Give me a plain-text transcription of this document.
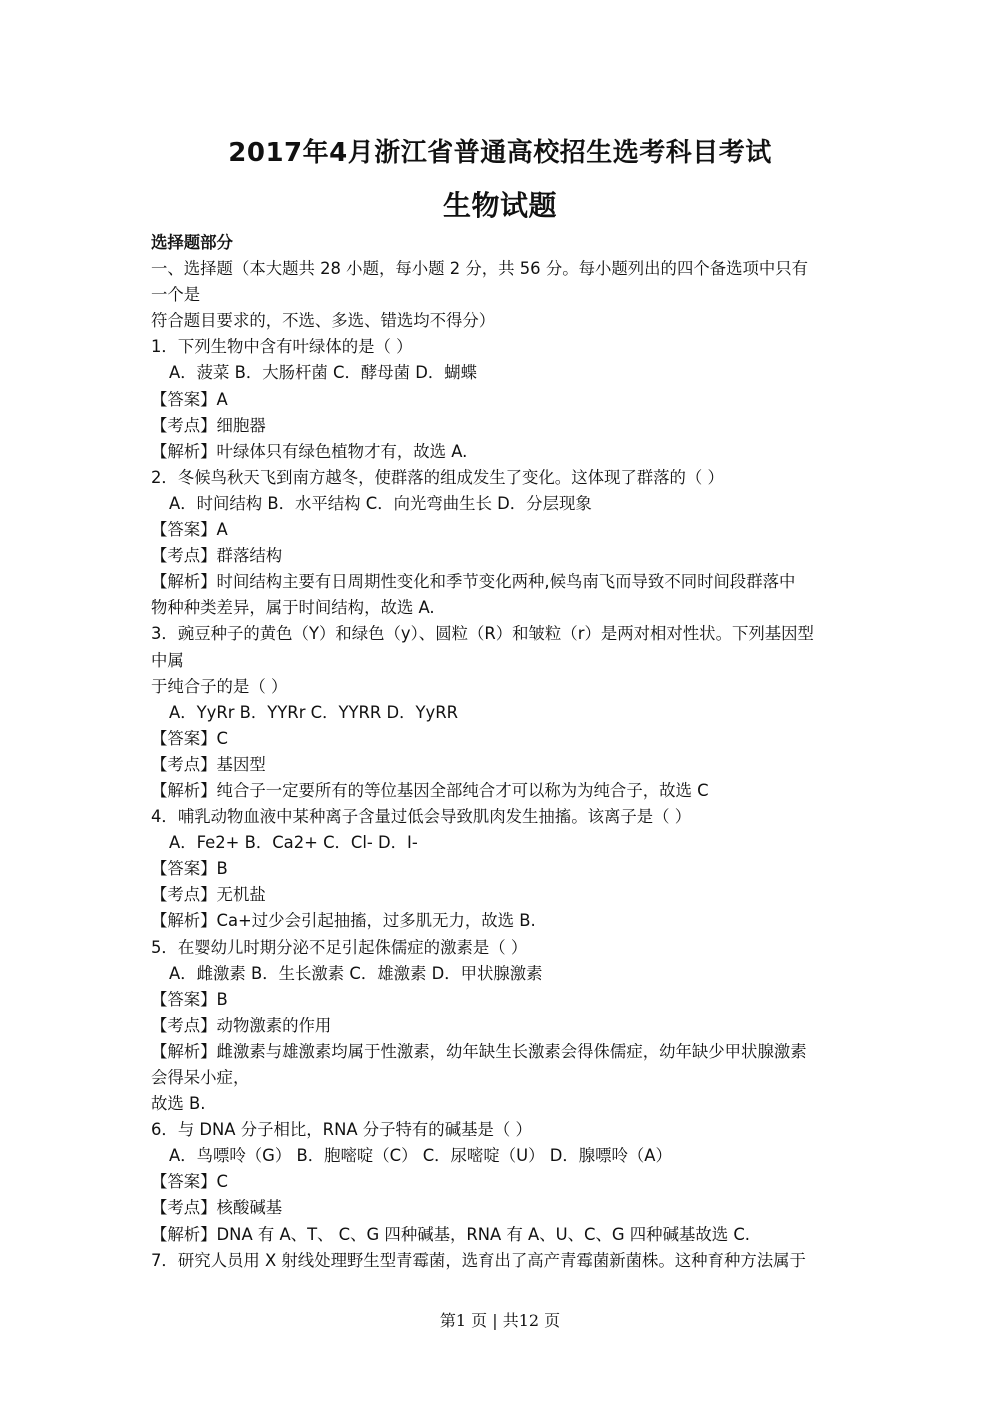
2017年4月浙江省普通高校招生选考科目考试
生物试题
选择题部分
一、选择题（本大题共 28 小题，每小题 2 分，共 56 分。每小题列出的四个备选项中只有
一个是
符合题目要求的，不选、多选、错选均不得分）
1．下列生物中含有叶绿体的是（ ）
A．菠菜 B．大肠杆菌 C．酵母菌 D．蝴蝶
【答案】A
【考点】细胞器
【解析】叶绿体只有绿色植物才有，故选 A.
2．冬候鸟秋天飞到南方越冬，使群落的组成发生了变化。这体现了群落的（ ）
A．时间结构 B．水平结构 C．向光弯曲生长 D．分层现象
【答案】A
【考点】群落结构
【解析】时间结构主要有日周期性变化和季节变化两种,候鸟南飞而导致不同时间段群落中
物种种类差异，属于时间结构，故选 A.
3．豌豆种子的黄色（Y）和绿色（y）、圆粒（R）和皱粒（r）是两对相对性状。下列基因型
中属
于纯合子的是（ ）
A．YyRr B．YYRr C．YYRR D．YyRR
【答案】C
【考点】基因型
【解析】纯合子一定要所有的等位基因全部纯合才可以称为为纯合子，故选 C
4．哺乳动物血液中某种离子含量过低会导致肌肉发生抽搐。该离子是（ ）
A．Fe2+ B．Ca2+ C．Cl- D．I-
【答案】B
【考点】无机盐
【解析】Ca+过少会引起抽搐，过多肌无力，故选 B.
5．在婴幼儿时期分泌不足引起侏儒症的激素是（ ）
A．雌激素 B．生长激素 C．雄激素 D．甲状腺激素
【答案】B
【考点】动物激素的作用
【解析】雌激素与雄激素均属于性激素，幼年缺生长激素会得侏儒症，幼年缺少甲状腺激素
会得呆小症，
故选 B.
6．与 DNA 分子相比，RNA 分子特有的碱基是（ ）
A．鸟嘌呤（G） B．胞嘧啶（C） C．尿嘧啶（U） D．腺嘌呤（A）
【答案】C
【考点】核酸碱基
【解析】DNA 有 A、T、 C、G 四种碱基，RNA 有 A、U、C、G 四种碱基故选 C.
7．研究人员用 X 射线处理野生型青霉菌，选育出了高产青霉菌新菌株。这种育种方法属于
第1 页 | 共12 页
